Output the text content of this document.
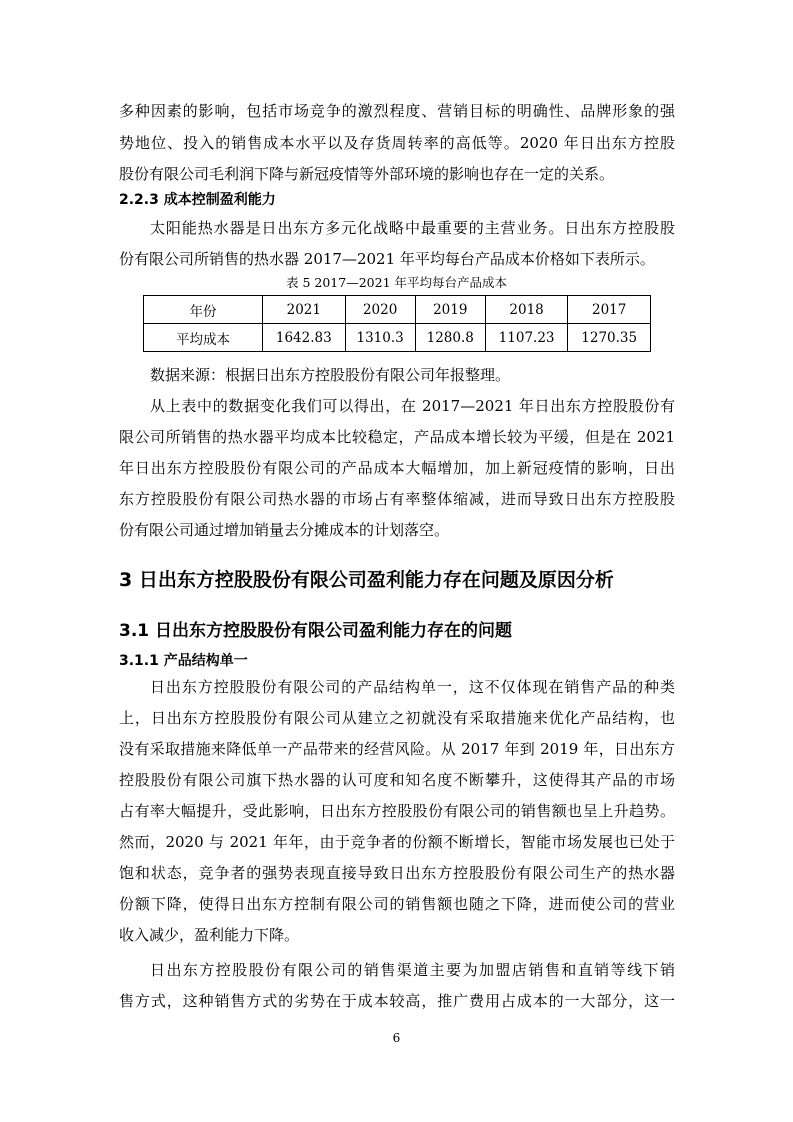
多种因素的影响，包括市场竞争的激烈程度、营销目标的明确性、品牌形象的强
势地位、投入的销售成本水平以及存货周转率的高低等。2020 年日出东方控股
股份有限公司毛利润下降与新冠疫情等外部环境的影响也存在一定的关系。
2.2.3 成本控制盈利能力
太阳能热水器是日出东方多元化战略中最重要的主营业务。日出东方控股股
份有限公司所销售的热水器 2017—2021 年平均每台产品成本价格如下表所示。
表 5 2017—2021 年平均每台产品成本
年份	2021	2020	2019	2018	2017
平均成本	1642.83	1310.3	1280.8	1107.23	1270.35
数据来源：根据日出东方控股股份有限公司年报整理。
从上表中的数据变化我们可以得出，在 2017—2021 年日出东方控股股份有
限公司所销售的热水器平均成本比较稳定，产品成本增长较为平缓，但是在 2021
年日出东方控股股份有限公司的产品成本大幅增加，加上新冠疫情的影响，日出
东方控股股份有限公司热水器的市场占有率整体缩减，进而导致日出东方控股股
份有限公司通过增加销量去分摊成本的计划落空。
3 日出东方控股股份有限公司盈利能力存在问题及原因分析
3.1 日出东方控股股份有限公司盈利能力存在的问题
3.1.1 产品结构单一
日出东方控股股份有限公司的产品结构单一，这不仅体现在销售产品的种类
上，日出东方控股股份有限公司从建立之初就没有采取措施来优化产品结构，也
没有采取措施来降低单一产品带来的经营风险。从 2017 年到 2019 年，日出东方
控股股份有限公司旗下热水器的认可度和知名度不断攀升，这使得其产品的市场
占有率大幅提升，受此影响，日出东方控股股份有限公司的销售额也呈上升趋势。
然而，2020 与 2021 年年，由于竞争者的份额不断增长，智能市场发展也已处于
饱和状态，竞争者的强势表现直接导致日出东方控股股份有限公司生产的热水器
份额下降，使得日出东方控制有限公司的销售额也随之下降，进而使公司的营业
收入减少，盈利能力下降。
日出东方控股股份有限公司的销售渠道主要为加盟店销售和直销等线下销
售方式，这种销售方式的劣势在于成本较高，推广费用占成本的一大部分，这一
6
